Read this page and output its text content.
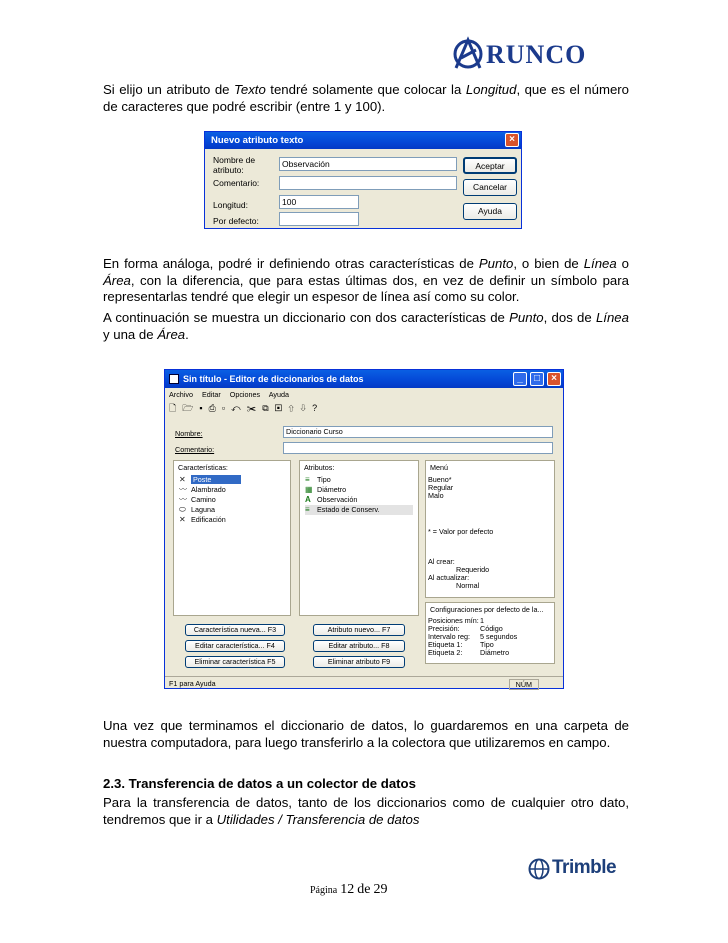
RUNCO
Si elijo un atributo de Texto tendré solamente que colocar la Longitud, que es el número de caracteres que podré escribir (entre 1 y 100).
Nuevo atributo texto	×
Nombre de atributo:
Observación
Comentario:
Longitud:	100
Por defecto:
Aceptar
Cancelar
Ayuda
En forma análoga, podré ir definiendo otras características de Punto, o bien de Línea o Área, con la diferencia, que para estas últimas dos, en vez de definir un símbolo para representarlas tendré que elegir un espesor de línea así como su color.
A continuación se muestra un diccionario con dos características de Punto, dos de Línea y una de Área.
Sin título - Editor de diccionarios de datos	_	□	×
Archivo Editar Opciones Ayuda
🗋🗁▪⎙▫↶✂⧉▣⇧⇩?
Nombre:	Diccionario Curso
Comentario:
Características:
✕ Poste
〰 Alambrado
〰 Camino
⬭ Laguna
✕ Edificación
Atributos:
≡ Tipo
▦ Diámetro
A Observación
≡ Estado de Conserv.
Menú
Bueno*
Regular
Malo
* = Valor por defecto
Al crear:
Requerido
Al actualizar:
Normal
Configuraciones por defecto de la...
Posiciones mín: 1
Precisión:	Código
Intervalo reg: 5 segundos
Etiqueta 1: Tipo
Etiqueta 2: Diámetro
Característica nueva... F3	Atributo nuevo... F7
Editar característica... F4	Editar atributo... F8
Eliminar característica F5	Eliminar atributo F9
F1 para Ayuda	NÚM
Una vez que terminamos el diccionario de datos, lo guardaremos en una carpeta de nuestra computadora, para luego transferirlo a la colectora que utilizaremos en campo.
2.3. Transferencia de datos a un colector de datos
Para la transferencia de datos, tanto de los diccionarios como de cualquier otro dato, tendremos que ir a Utilidades / Transferencia de datos
Trimble
Página 12 de 29
